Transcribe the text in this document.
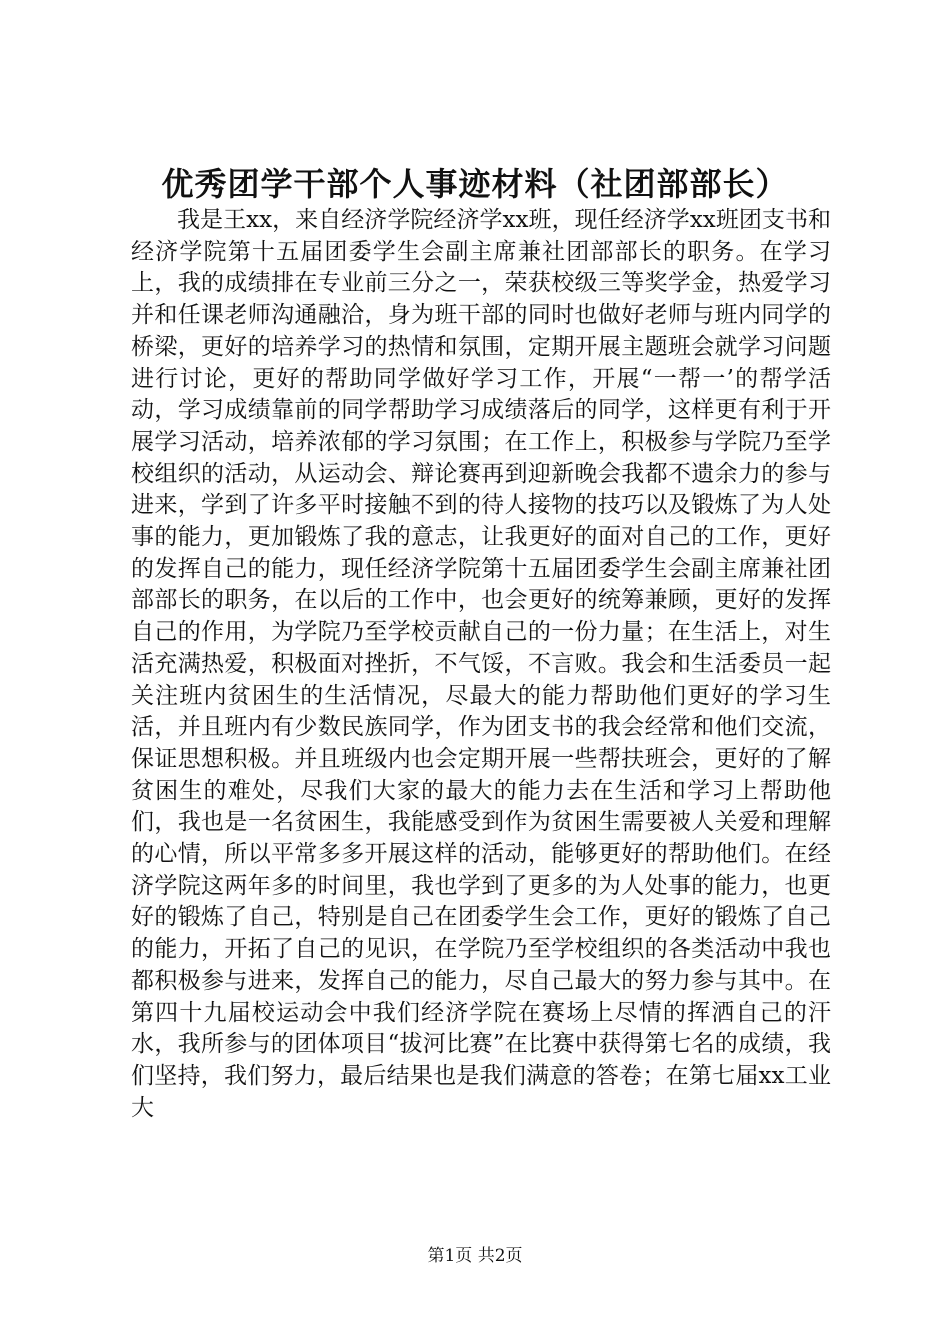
优秀团学干部个人事迹材料（社团部部长）

我是王xx，来自经济学院经济学xx班，现任经济学xx班团支书和经济学院第十五届团委学生会副主席兼社团部部长的职务。在学习上，我的成绩排在专业前三分之一，荣获校级三等奖学金，热爱学习并和任课老师沟通融洽，身为班干部的同时也做好老师与班内同学的桥梁，更好的培养学习的热情和氛围，定期开展主题班会就学习问题进行讨论，更好的帮助同学做好学习工作，开展“一帮一’的帮学活动，学习成绩靠前的同学帮助学习成绩落后的同学，这样更有利于开展学习活动，培养浓郁的学习氛围；在工作上，积极参与学院乃至学校组织的活动，从运动会、辩论赛再到迎新晚会我都不遗余力的参与进来，学到了许多平时接触不到的待人接物的技巧以及锻炼了为人处事的能力，更加锻炼了我的意志，让我更好的面对自己的工作，更好的发挥自己的能力，现任经济学院第十五届团委学生会副主席兼社团部部长的职务，在以后的工作中，也会更好的统筹兼顾，更好的发挥自己的作用，为学院乃至学校贡献自己的一份力量；在生活上，对生活充满热爱，积极面对挫折，不气馁，不言败。我会和生活委员一起关注班内贫困生的生活情况，尽最大的能力帮助他们更好的学习生活，并且班内有少数民族同学，作为团支书的我会经常和他们交流，保证思想积极。并且班级内也会定期开展一些帮扶班会，更好的了解贫困生的难处，尽我们大家的最大的能力去在生活和学习上帮助他们，我也是一名贫困生，我能感受到作为贫困生需要被人关爱和理解的心情，所以平常多多开展这样的活动，能够更好的帮助他们。在经济学院这两年多的时间里，我也学到了更多的为人处事的能力，也更好的锻炼了自己，特别是自己在团委学生会工作，更好的锻炼了自己的能力，开拓了自己的见识，在学院乃至学校组织的各类活动中我也都积极参与进来，发挥自己的能力，尽自己最大的努力参与其中。在第四十九届校运动会中我们经济学院在赛场上尽情的挥洒自己的汗水，我所参与的团体项目“拔河比赛”在比赛中获得第七名的成绩，我们坚持，我们努力，最后结果也是我们满意的答卷；在第七届xx工业大

第1页 共2页
